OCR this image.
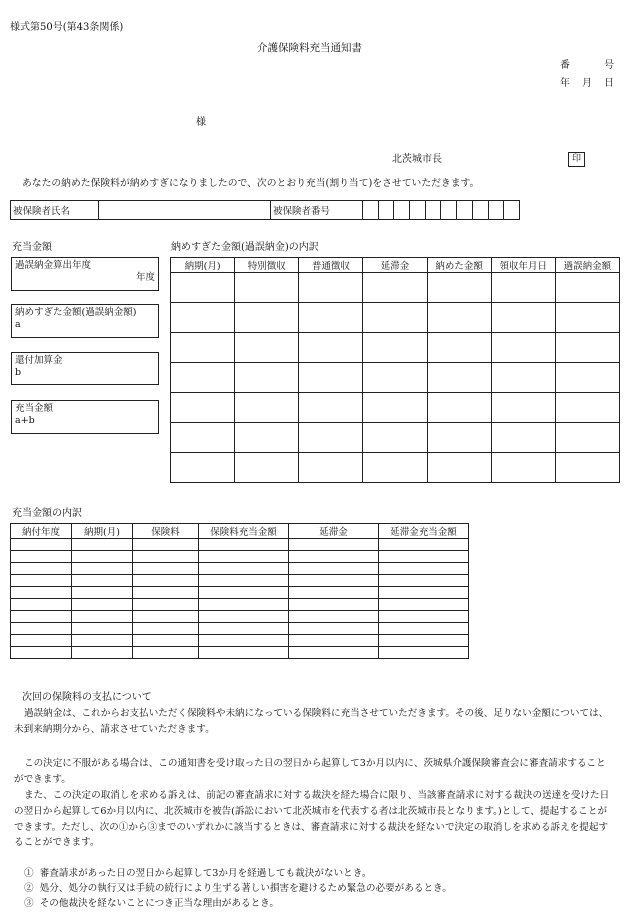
様式第50号(第43条関係)
介護保険料充当通知書
番	号
年 月 日
様
北茨城市長	印
あなたの納めた保険料が納めすぎになりましたので、次のとおり充当(割り当て)をさせていただきます。
被保険者氏名		被保険者番号										
充当金額
過誤納金算出年度
年度
納めすぎた金額(過誤納金額)
a
還付加算金
b
充当金額
a+b
納めすぎた金額(過誤納金)の内訳
納期(月)	特別徴収	普通徴収	延滞金	納めた金額	領収年月日	過誤納金額

充当金額の内訳
納付年度	納期(月)	保険料	保険料充当金額	延滞金	延滞金充当金額

次回の保険料の支払について
過誤納金は、これからお支払いただく保険料や未納になっている保険料に充当させていただきます。その後、足りない金額については、未到来納期分から、請求させていただきます。
この決定に不服がある場合は、この通知書を受け取った日の翌日から起算して3か月以内に、茨城県介護保険審査会に審査請求することができます。
また、この決定の取消しを求める訴えは、前記の審査請求に対する裁決を経た場合に限り、当該審査請求に対する裁決の送達を受けた日の翌日から起算して6か月以内に、北茨城市を被告(訴訟において北茨城市を代表する者は北茨城市長となります。)として、提起することができます。ただし、次の①から③までのいずれかに該当するときは、審査請求に対する裁決を経ないで決定の取消しを求める訴えを提起することができます。
① 審査請求があった日の翌日から起算して3か月を経過しても裁決がないとき。
② 処分、処分の執行又は手続の続行により生ずる著しい損害を避けるため緊急の必要があるとき。
③ その他裁決を経ないことにつき正当な理由があるとき。
